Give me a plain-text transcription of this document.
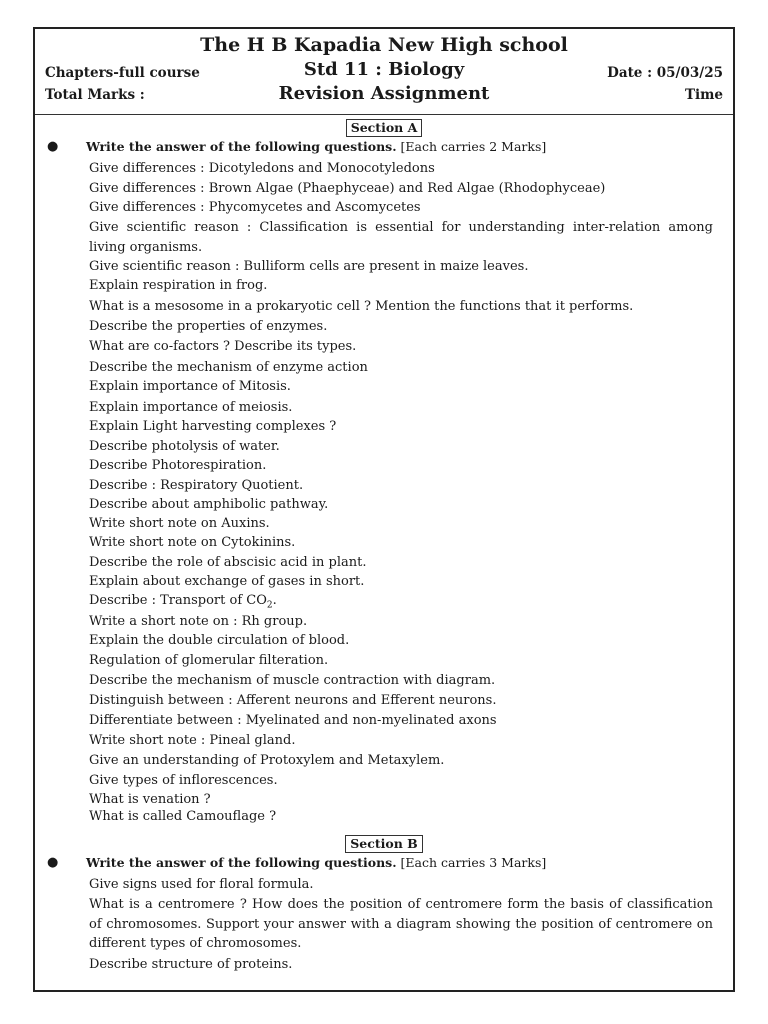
The H B Kapadia New High school
Std 11 : Biology
Revision Assignment
Chapters-full course
Total Marks :
Date : 05/03/25
Time
Section A
● Write the answer of the following questions. [Each carries 2 Marks]
Give differences : Dicotyledons and Monocotyledons
Give differences : Brown Algae (Phaephyceae) and Red Algae (Rhodophyceae)
Give differences : Phycomycetes and Ascomycetes
Give scientific reason : Classification is essential for understanding inter-relation among living organisms.
Give scientific reason : Bulliform cells are present in maize leaves.
Explain respiration in frog.
What is a mesosome in a prokaryotic cell ? Mention the functions that it performs.
Describe the properties of enzymes.
What are co-factors ? Describe its types.
Describe the mechanism of enzyme action
Explain importance of Mitosis.
Explain importance of meiosis.
Explain Light harvesting complexes ?
Describe photolysis of water.
Describe Photorespiration.
Describe : Respiratory Quotient.
Describe about amphibolic pathway.
Write short note on Auxins.
Write short note on Cytokinins.
Describe the role of abscisic acid in plant.
Explain about exchange of gases in short.
Describe : Transport of $CO_2$.
Write a short note on : Rh group.
Explain the double circulation of blood.
Regulation of glomerular filteration.
Describe the mechanism of muscle contraction with diagram.
Distinguish between : Afferent neurons and Efferent neurons.
Differentiate between : Myelinated and non-myelinated axons
Write short note : Pineal gland.
Give an understanding of Protoxylem and Metaxylem.
Give types of inflorescences.
What is venation ?
What is called Camouflage ?
Section B
● Write the answer of the following questions. [Each carries 3 Marks]
Give signs used for floral formula.
What is a centromere ? How does the position of centromere form the basis of classification of chromosomes. Support your answer with a diagram showing the position of centromere on different types of chromosomes.
Describe structure of proteins.
